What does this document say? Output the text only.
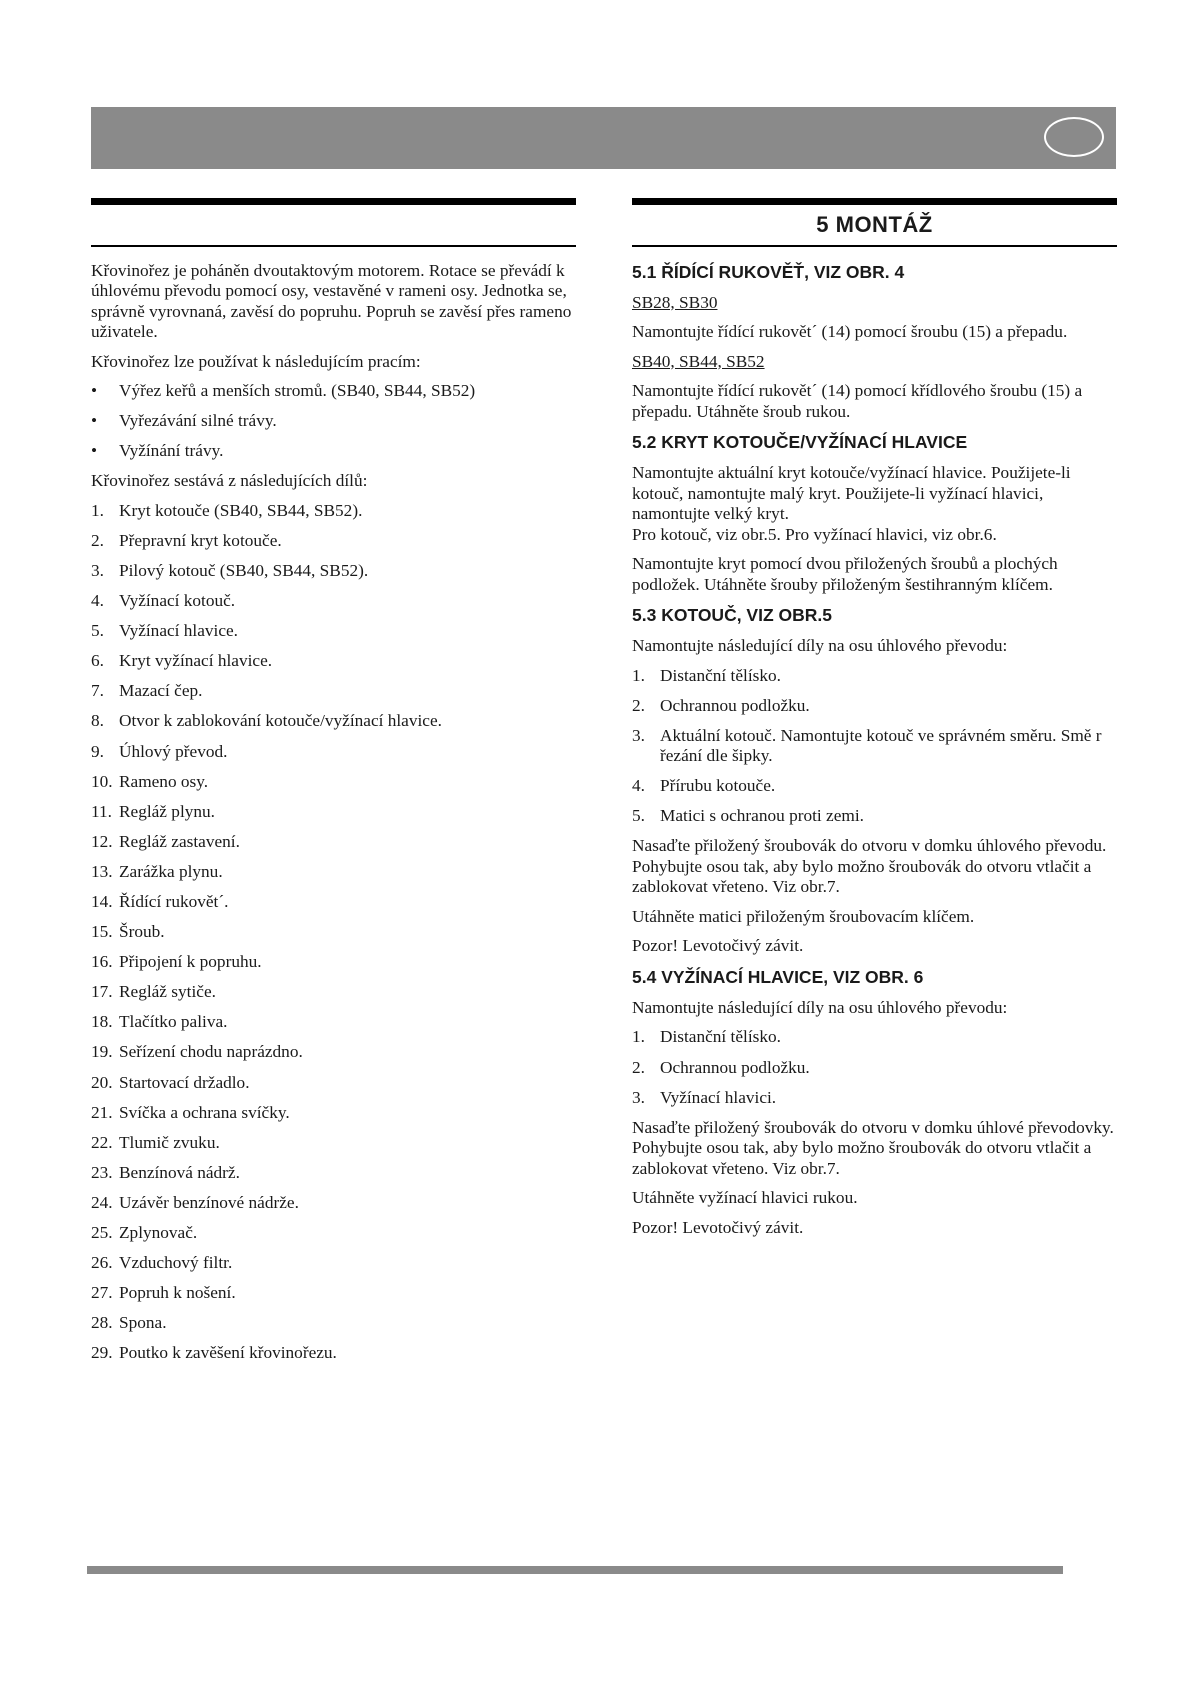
Křovinořez je poháněn dvoutaktovým motorem. Rotace se převádí k úhlovému převodu pomocí osy, vestavěné v rameni osy. Jednotka se, správně vyrovnaná, zavěsí do popruhu. Popruh se zavěsí přes rameno uživatele.

Křovinořez lze používat k následujícím pracím:

•	Výřez keřů a menších stromů. (SB40, SB44, SB52)
•	Vyřezávání silné trávy.
•	Vyžínání trávy.

Křovinořez sestává z následujících dílů:

1. Kryt kotouče (SB40, SB44, SB52).
2. Přepravní kryt kotouče.
3. Pilový kotouč (SB40, SB44, SB52).
4. Vyžínací kotouč.
5. Vyžínací hlavice.
6. Kryt vyžínací hlavice.
7. Mazací čep.
8. Otvor k zablokování kotouče/vyžínací hlavice.
9. Úhlový převod.
10. Rameno osy.
11. Regláž plynu.
12. Regláž zastavení.
13. Zarážka plynu.
14. Řídící rukovět´.
15. Šroub.
16. Připojení k popruhu.
17. Regláž sytiče.
18. Tlačítko paliva.
19. Seřízení chodu naprázdno.
20. Startovací držadlo.
21. Svíčka a ochrana svíčky.
22. Tlumič zvuku.
23. Benzínová nádrž.
24. Uzávěr benzínové nádrže.
25. Zplynovač.
26. Vzduchový filtr.
27. Popruh k nošení.
28. Spona.
29. Poutko k zavěšení křovinořezu.
5 MONTÁŽ
5.1 ŘÍDÍCÍ RUKOVĚŤ, VIZ OBR. 4

SB28, SB30

Namontujte řídící rukovět´ (14) pomocí šroubu (15) a přepadu.

SB40, SB44, SB52

Namontujte řídící rukovět´ (14) pomocí křídlového šroubu (15) a přepadu. Utáhněte šroub rukou.

5.2 KRYT KOTOUČE/VYŽÍNACÍ HLAVICE

Namontujte aktuální kryt kotouče/vyžínací hlavice. Použijete-li kotouč, namontujte malý kryt. Použijete-li vyžínací hlavici, namontujte velký kryt.
Pro kotouč, viz obr.5. Pro vyžínací hlavici, viz obr.6.

Namontujte kryt pomocí dvou přiložených šroubů a plochých podložek. Utáhněte šrouby přiloženým šestihranným klíčem.

5.3 KOTOUČ, VIZ OBR.5

Namontujte následující díly na osu úhlového převodu:

1. Distanční tělísko.
2. Ochrannou podložku.
3. Aktuální kotouč. Namontujte kotouč ve správném směru. Smě r řezání dle šipky.
4. Přírubu kotouče.
5. Matici s ochranou proti zemi.

Nasaďte přiložený šroubovák do otvoru v domku úhlového převodu. Pohybujte osou tak, aby bylo možno šroubovák do otvoru vtlačit a zablokovat vřeteno. Viz obr.7.

Utáhněte matici přiloženým šroubovacím klíčem.

Pozor! Levotočivý závit.

5.4 VYŽÍNACÍ HLAVICE, VIZ OBR. 6

Namontujte následující díly na osu úhlového převodu:

1. Distanční tělísko.
2. Ochrannou podložku.
3. Vyžínací hlavici.

Nasaďte přiložený šroubovák do otvoru v domku úhlové převodovky. Pohybujte osou tak, aby bylo možno šroubovák do otvoru vtlačit a zablokovat vřeteno. Viz obr.7.

Utáhněte vyžínací hlavici rukou.

Pozor! Levotočivý závit.
